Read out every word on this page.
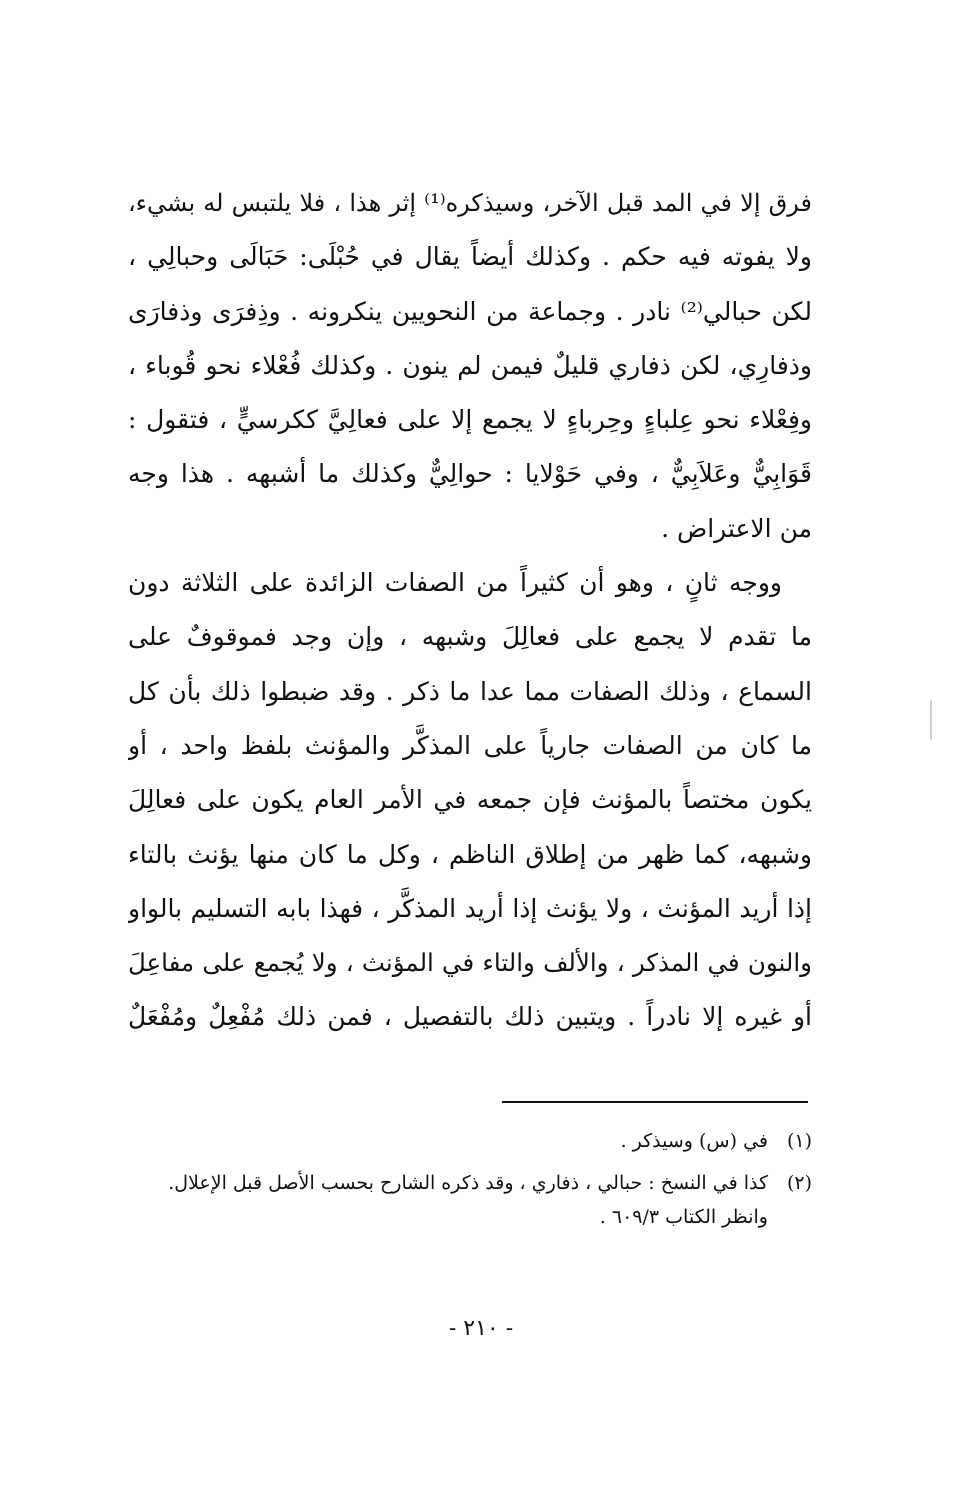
فرق إلا في المد قبل الآخر، وسيذكره⁽¹⁾ إثر هذا ، فلا يلتبس له بشيء،
ولا يفوته فيه حكم . وكذلك أيضاً يقال في حُبْلَى: حَبَالَى وحبالِي ،
لكن حبالي⁽²⁾ نادر . وجماعة من النحويين ينكرونه . وذِفرَى وذفارَى
وذفارِي، لكن ذفاري قليلٌ فيمن لم ينون . وكذلك فُعْلاء نحو قُوباء ،
وفِعْلاء نحو عِلباءٍ وحِرباءٍ لا يجمع إلا على فعالِيَّ ككرسيٍّ ، فتقول :
قَوَابِيٌّ وعَلاَبِيٌّ ، وفي حَوْلايا : حوالِيٌّ وكذلك ما أشبهه . هذا وجه
من الاعتراض .
ووجه ثانٍ ، وهو أن كثيراً من الصفات الزائدة على الثلاثة دون
ما تقدم لا يجمع على فعالِلَ وشبهه ، وإن وجد فموقوفٌ على
السماع ، وذلك الصفات مما عدا ما ذكر . وقد ضبطوا ذلك بأن كل
ما كان من الصفات جارياً على المذكَّر والمؤنث بلفظ واحد ، أو
يكون مختصاً بالمؤنث فإن جمعه في الأمر العام يكون على فعالِلَ
وشبهه، كما ظهر من إطلاق الناظم ، وكل ما كان منها يؤنث بالتاء
إذا أريد المؤنث ، ولا يؤنث إذا أريد المذكَّر ، فهذا بابه التسليم بالواو
والنون في المذكر ، والألف والتاء في المؤنث ، ولا يُجمع على مفاعِلَ
أو غيره إلا نادراً . ويتبين ذلك بالتفصيل ، فمن ذلك مُفْعِلٌ ومُفْعَلٌ
(١)
في (س) وسيذكر .
(٢)
كذا في النسخ : حبالي ، ذفاري ، وقد ذكره الشارح بحسب الأصل قبل الإعلال.
وانظر الكتاب ٦٠٩/٣ .
- ٢١٠ -
